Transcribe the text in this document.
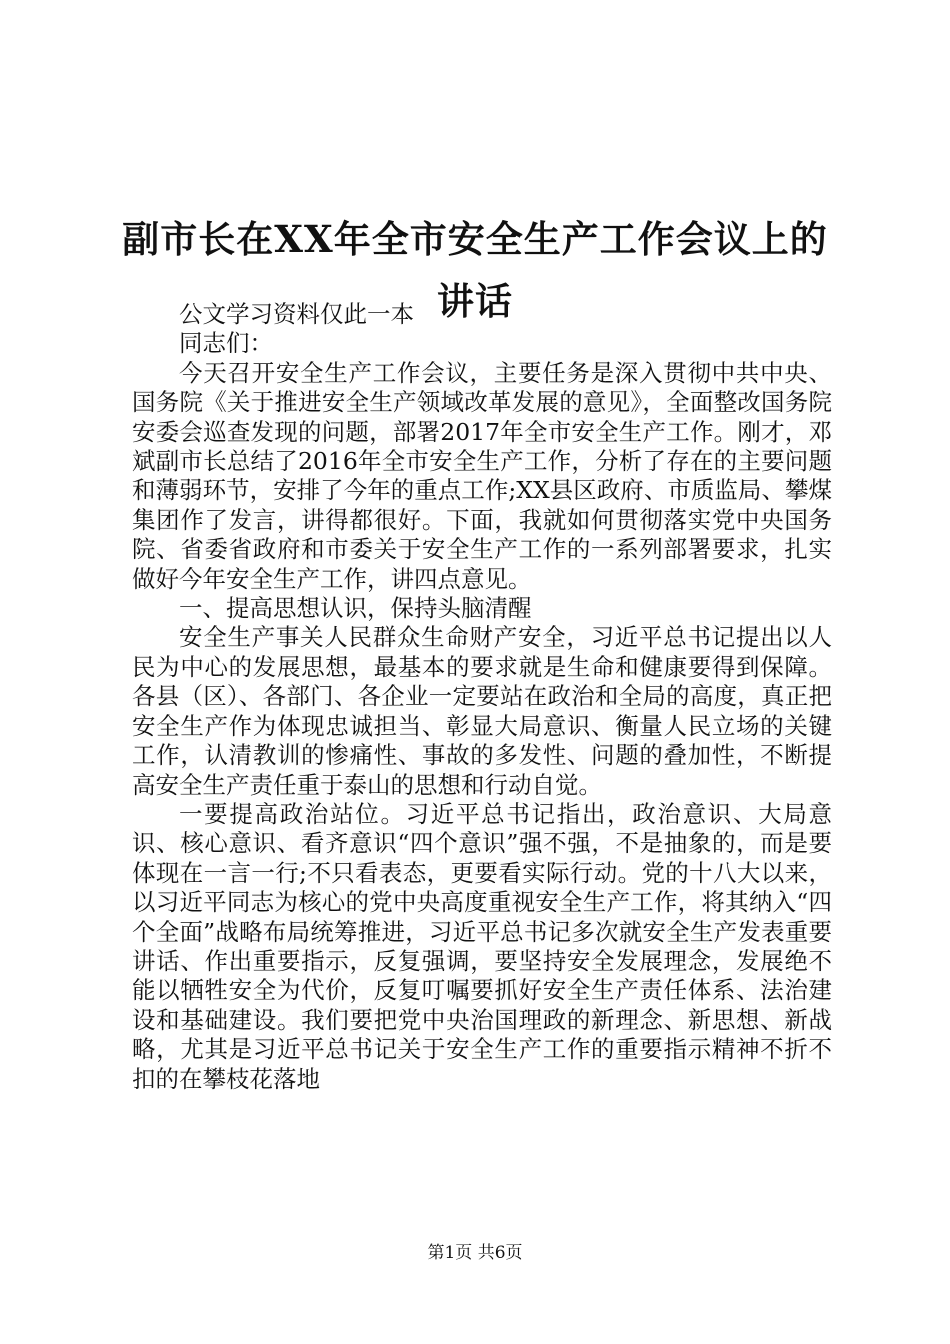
副市长在XX年全市安全生产工作会议上的讲话

公文学习资料仅此一本

同志们：

今天召开安全生产工作会议，主要任务是深入贯彻中共中央、国务院《关于推进安全生产领域改革发展的意见》，全面整改国务院安委会巡查发现的问题，部署2017年全市安全生产工作。刚才，邓斌副市长总结了2016年全市安全生产工作，分析了存在的主要问题和薄弱环节，安排了今年的重点工作;XX县区政府、市质监局、攀煤集团作了发言，讲得都很好。下面，我就如何贯彻落实党中央国务院、省委省政府和市委关于安全生产工作的一系列部署要求，扎实做好今年安全生产工作，讲四点意见。

一、提高思想认识，保持头脑清醒

安全生产事关人民群众生命财产安全，习近平总书记提出以人民为中心的发展思想，最基本的要求就是生命和健康要得到保障。各县（区）、各部门、各企业一定要站在政治和全局的高度，真正把安全生产作为体现忠诚担当、彰显大局意识、衡量人民立场的关键工作，认清教训的惨痛性、事故的多发性、问题的叠加性，不断提高安全生产责任重于泰山的思想和行动自觉。

一要提高政治站位。习近平总书记指出，政治意识、大局意识、核心意识、看齐意识“四个意识”强不强，不是抽象的，而是要体现在一言一行;不只看表态，更要看实际行动。党的十八大以来，以习近平同志为核心的党中央高度重视安全生产工作，将其纳入“四个全面”战略布局统筹推进，习近平总书记多次就安全生产发表重要讲话、作出重要指示，反复强调，要坚持安全发展理念，发展绝不能以牺牲安全为代价，反复叮嘱要抓好安全生产责任体系、法治建设和基础建设。我们要把党中央治国理政的新理念、新思想、新战略，尤其是习近平总书记关于安全生产工作的重要指示精神不折不扣的在攀枝花落地

第1页 共6页
